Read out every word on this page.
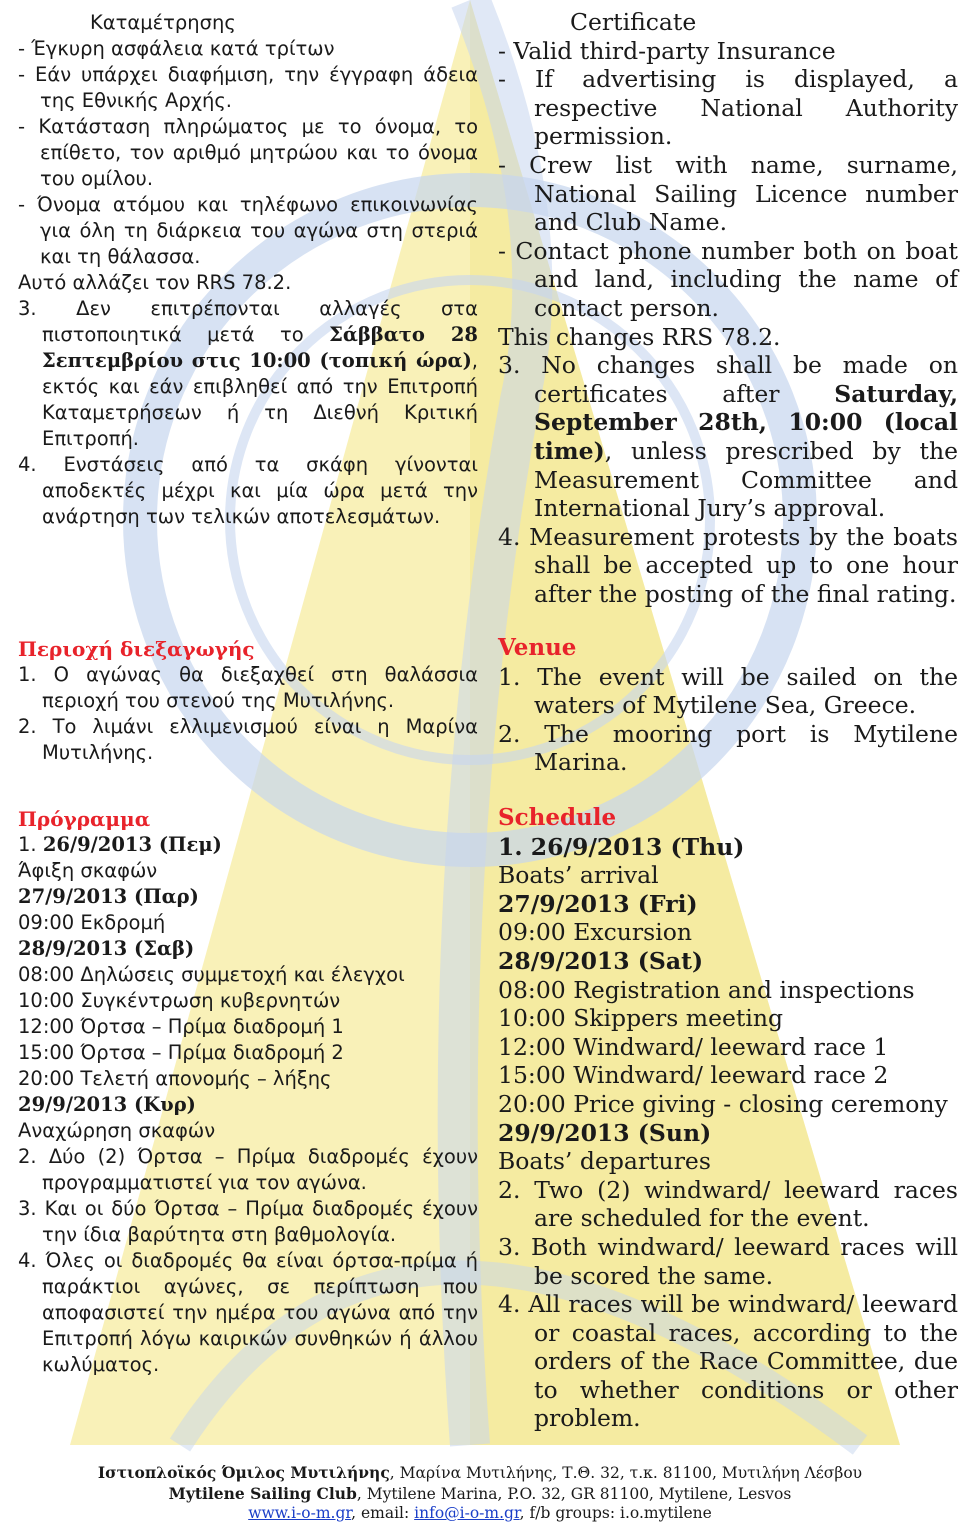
Καταμέτρησης

- Έγκυρη ασφάλεια κατά τρίτων

- Εάν υπάρχει διαφήμιση, την έγγραφη άδεια της Εθνικής Αρχής.

- Κατάσταση πληρώματος με το όνομα, το επίθετο, τον αριθμό μητρώου και το όνομα του ομίλου.

- Όνομα ατόμου και τηλέφωνο επικοινωνίας για όλη τη διάρκεια του αγώνα στη στεριά και τη θάλασσα.

Αυτό αλλάζει τον RRS 78.2.

3. Δεν επιτρέπονται αλλαγές στα πιστοποιητικά μετά το Σάββατο 28 Σεπτεμβρίου στις 10:00 (τοπική ώρα), εκτός και εάν επιβληθεί από την Επιτροπή Καταμετρήσεων ή τη Διεθνή Κριτική Επιτροπή.

4. Ενστάσεις από τα σκάφη γίνονται αποδεκτές μέχρι και μία ώρα μετά την ανάρτηση των τελικών αποτελεσμάτων.

Περιοχή διεξαγωγής

1. Ο αγώνας θα διεξαχθεί στη θαλάσσια περιοχή του στενού της Μυτιλήνης.

2. Το λιμάνι ελλιμενισμού είναι η Μαρίνα Μυτιλήνης.

Πρόγραμμα

1. 26/9/2013 (Πεμ)

Άφιξη σκαφών

27/9/2013 (Παρ)

09:00 Εκδρομή

28/9/2013 (Σαβ)

08:00 Δηλώσεις συμμετοχή και έλεγχοι

10:00 Συγκέντρωση κυβερνητών

12:00 Όρτσα – Πρίμα διαδρομή 1

15:00 Όρτσα – Πρίμα διαδρομή 2

20:00 Τελετή απονομής – λήξης

29/9/2013 (Κυρ)

Αναχώρηση σκαφών

2. Δύο (2) Όρτσα – Πρίμα διαδρομές έχουν προγραμματιστεί για τον αγώνα.

3. Και οι δύο Όρτσα – Πρίμα διαδρομές έχουν την ίδια βαρύτητα στη βαθμολογία.

4. Όλες οι διαδρομές θα είναι όρτσα-πρίμα ή παράκτιοι αγώνες, σε περίπτωση που αποφασιστεί την ημέρα του αγώνα από την Επιτροπή λόγω καιρικών συνθηκών ή άλλου κωλύματος.

Certificate

- Valid third-party Insurance

- If advertising is displayed, a respective National Authority permission.

- Crew list with name, surname, National Sailing Licence number and Club Name.

- Contact phone number both on boat and land, including the name of contact person.

This changes RRS 78.2.

3. No changes shall be made on certificates after Saturday, September 28th, 10:00 (local time), unless prescribed by the Measurement Committee and International Jury’s approval.

4. Measurement protests by the boats shall be accepted up to one hour after the posting of the final rating.

Venue

1. The event will be sailed on the waters of Mytilene Sea, Greece.

2. The mooring port is Mytilene Marina.

Schedule

1. 26/9/2013 (Thu)

Boats’ arrival

27/9/2013 (Fri)

09:00 Excursion

28/9/2013 (Sat)

08:00 Registration and inspections

10:00 Skippers meeting

12:00 Windward/ leeward race 1

15:00 Windward/ leeward race 2

20:00 Price giving - closing ceremony

29/9/2013 (Sun)

Boats’ departures

2. Two (2) windward/ leeward races are scheduled for the event.

3. Both windward/ leeward races will be scored the same.

4. All races will be windward/ leeward or coastal races, according to the orders of the Race Committee, due to whether conditions or other problem.

Ιστιοπλοϊκός Όμιλος Μυτιλήνης, Μαρίνα Μυτιλήνης, Τ.Θ. 32, τ.κ. 81100, Μυτιλήνη Λέσβου

Mytilene Sailing Club, Mytilene Marina, P.O. 32, GR 81100, Mytilene, Lesvos

www.i-o-m.gr, email: info@i-o-m.gr, f/b groups: i.o.mytilene
